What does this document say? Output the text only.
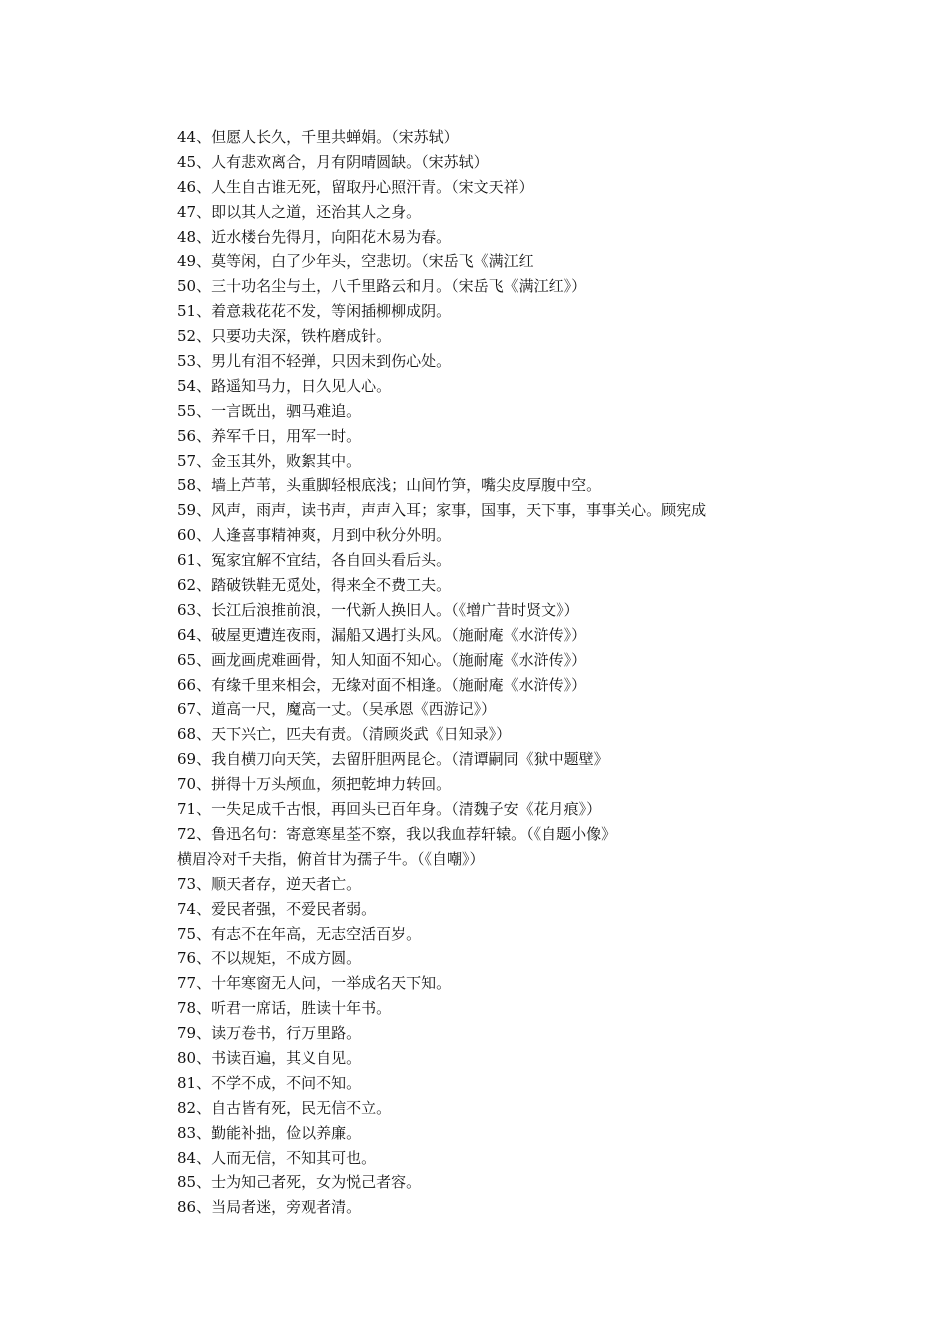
44、但愿人长久，千里共蝉娟。（宋苏轼）
45、人有悲欢离合，月有阴晴圆缺。（宋苏轼）
46、人生自古谁无死，留取丹心照汗青。（宋文天祥）
47、即以其人之道，还治其人之身。
48、近水楼台先得月，向阳花木易为春。
49、莫等闲，白了少年头，空悲切。（宋岳飞《满江红
50、三十功名尘与土，八千里路云和月。（宋岳飞《满江红》）
51、着意栽花花不发，等闲插柳柳成阴。
52、只要功夫深，铁杵磨成针。
53、男儿有泪不轻弹，只因未到伤心处。
54、路遥知马力，日久见人心。
55、一言既出，驷马难追。
56、养军千日，用军一时。
57、金玉其外，败絮其中。
58、墙上芦苇，头重脚轻根底浅；山间竹笋，嘴尖皮厚腹中空。
59、风声，雨声，读书声，声声入耳；家事，国事，天下事，事事关心。顾宪成
60、人逢喜事精神爽，月到中秋分外明。
61、冤家宜解不宜结，各自回头看后头。
62、踏破铁鞋无觅处，得来全不费工夫。
63、长江后浪推前浪，一代新人换旧人。（《增广昔时贤文》）
64、破屋更遭连夜雨，漏船又遇打头风。（施耐庵《水浒传》）
65、画龙画虎难画骨，知人知面不知心。（施耐庵《水浒传》）
66、有缘千里来相会，无缘对面不相逢。（施耐庵《水浒传》）
67、道高一尺，魔高一丈。（吴承恩《西游记》）
68、天下兴亡，匹夫有责。（清顾炎武《日知录》）
69、我自横刀向天笑，去留肝胆两昆仑。（清谭嗣同《狱中题壁》
70、拼得十万头颅血，须把乾坤力转回。
71、一失足成千古恨，再回头已百年身。（清魏子安《花月痕》）
72、鲁迅名句：寄意寒星荃不察，我以我血荐轩辕。（《自题小像》
横眉冷对千夫指，俯首甘为孺子牛。（《自嘲》）
73、顺天者存，逆天者亡。
74、爱民者强，不爱民者弱。
75、有志不在年高，无志空活百岁。
76、不以规矩，不成方圆。
77、十年寒窗无人问，一举成名天下知。
78、听君一席话，胜读十年书。
79、读万卷书，行万里路。
80、书读百遍，其义自见。
81、不学不成，不问不知。
82、自古皆有死，民无信不立。
83、勤能补拙，俭以养廉。
84、人而无信，不知其可也。
85、士为知己者死，女为悦己者容。
86、当局者迷，旁观者清。
